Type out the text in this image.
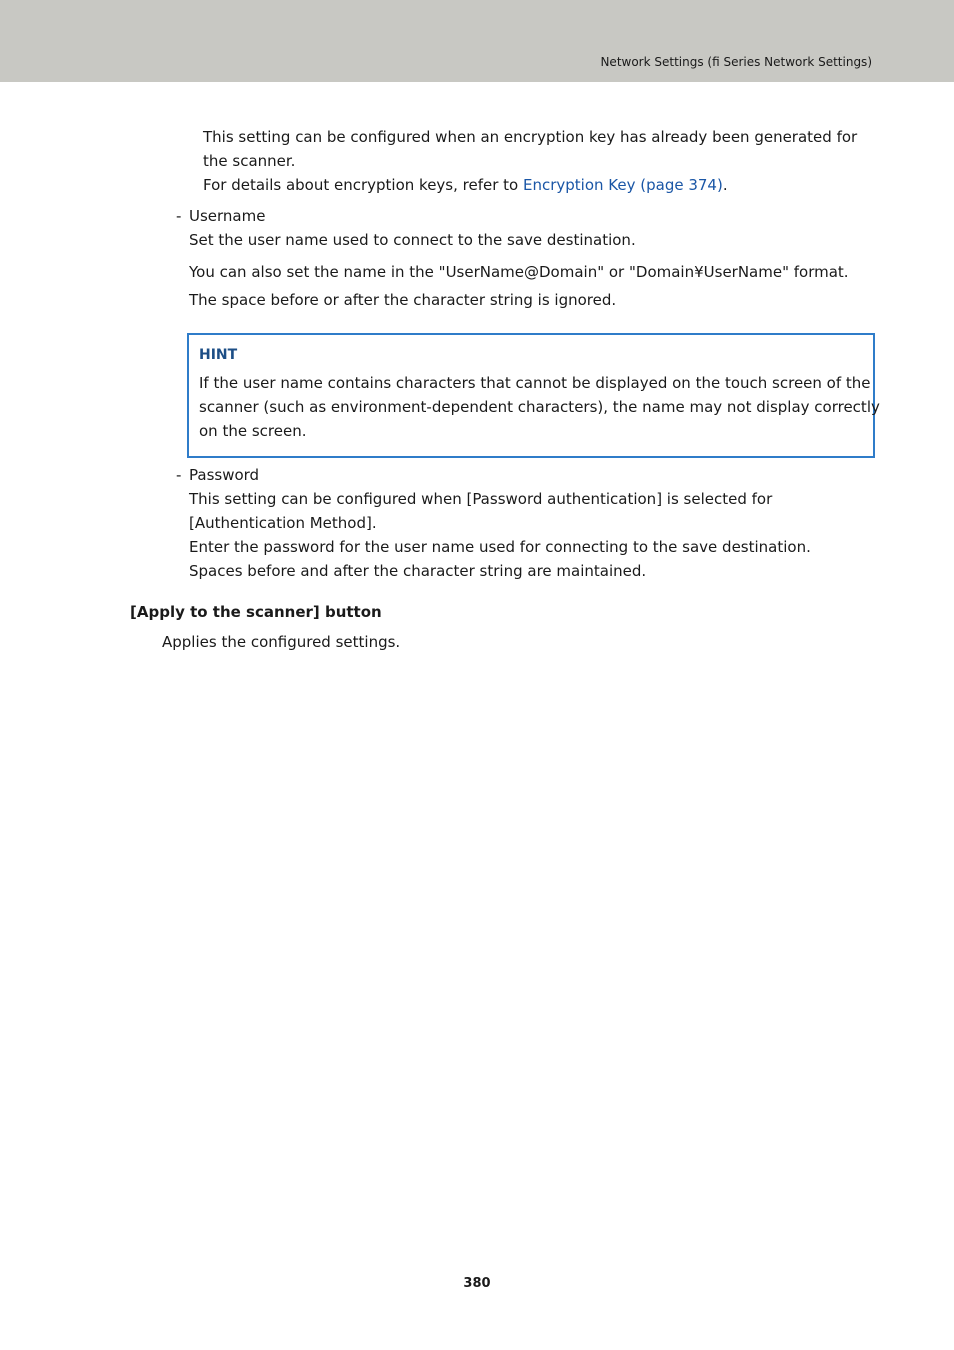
Network Settings (fi Series Network Settings)
This setting can be configured when an encryption key has already been generated for
the scanner.
For details about encryption keys, refer to Encryption Key (page 374).
- Username
Set the user name used to connect to the save destination.
You can also set the name in the "UserName@Domain" or "Domain¥UserName" format.
The space before or after the character string is ignored.
HINT
If the user name contains characters that cannot be displayed on the touch screen of the
scanner (such as environment-dependent characters), the name may not display correctly
on the screen.
- Password
This setting can be configured when [Password authentication] is selected for
[Authentication Method].
Enter the password for the user name used for connecting to the save destination.
Spaces before and after the character string are maintained.
[Apply to the scanner] button
Applies the configured settings.
380
